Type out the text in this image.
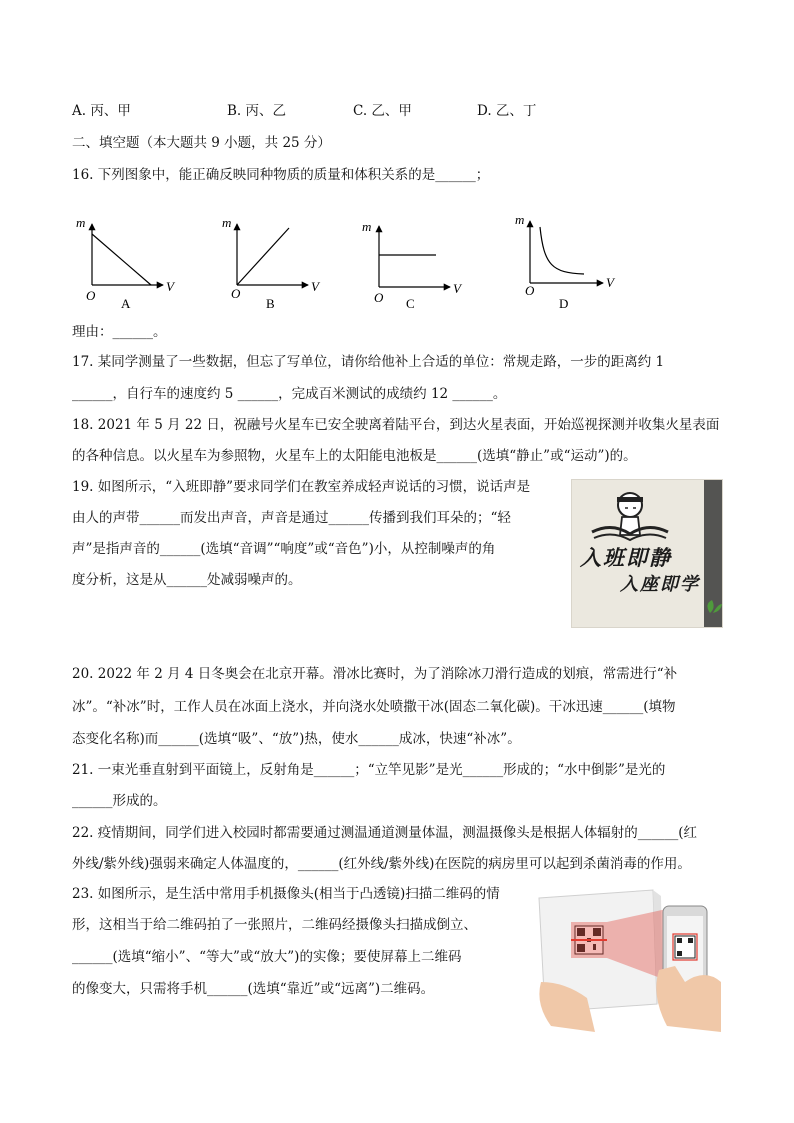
A. 丙、甲	B. 丙、乙	C. 乙、甲	D. 乙、丁
二、填空题（本大题共 9 小题，共 25 分）
16. 下列图象中，能正确反映同种物质的质量和体积关系的是______；
m
V
O
A
m
V
O
B
m
V
O C
m
V
O
D
理由：______。
17. 某同学测量了一些数据，但忘了写单位，请你给他补上合适的单位：常规走路，一步的距离约 1
______，自行车的速度约 5 ______，完成百米测试的成绩约 12 ______。
18. 2021 年 5 月 22 日，祝融号火星车已安全驶离着陆平台，到达火星表面，开始巡视探测并收集火星表面
的各种信息。以火星车为参照物，火星车上的太阳能电池板是______(选填“静止”或“运动”)的。
19. 如图所示，“入班即静”要求同学们在教室养成轻声说话的习惯，说话声是
由人的声带______而发出声音，声音是通过______传播到我们耳朵的；“轻
声”是指声音的______(选填“音调”“响度”或“音色”)小，从控制噪声的角
度分析，这是从______处减弱噪声的。
入班即静
入座即学
20. 2022 年 2 月 4 日冬奥会在北京开幕。滑冰比赛时，为了消除冰刀滑行造成的划痕，常需进行“补
冰”。“补冰”时，工作人员在冰面上浇水，并向浇水处喷撒干冰(固态二氧化碳)。干冰迅速______(填物
态变化名称)而______(选填“吸”、“放”)热，使水______成冰，快速“补冰”。
21. 一束光垂直射到平面镜上，反射角是______；“立竿见影”是光______形成的；“水中倒影”是光的
______形成的。
22. 疫情期间，同学们进入校园时都需要通过测温通道测量体温，测温摄像头是根据人体辐射的______(红
外线/紫外线)强弱来确定人体温度的，______(红外线/紫外线)在医院的病房里可以起到杀菌消毒的作用。
23. 如图所示，是生活中常用手机摄像头(相当于凸透镜)扫描二维码的情
形，这相当于给二维码拍了一张照片，二维码经摄像头扫描成倒立、
______(选填“缩小”、“等大”或“放大”)的实像；要使屏幕上二维码
的像变大，只需将手机______(选填“靠近”或“远离”)二维码。
